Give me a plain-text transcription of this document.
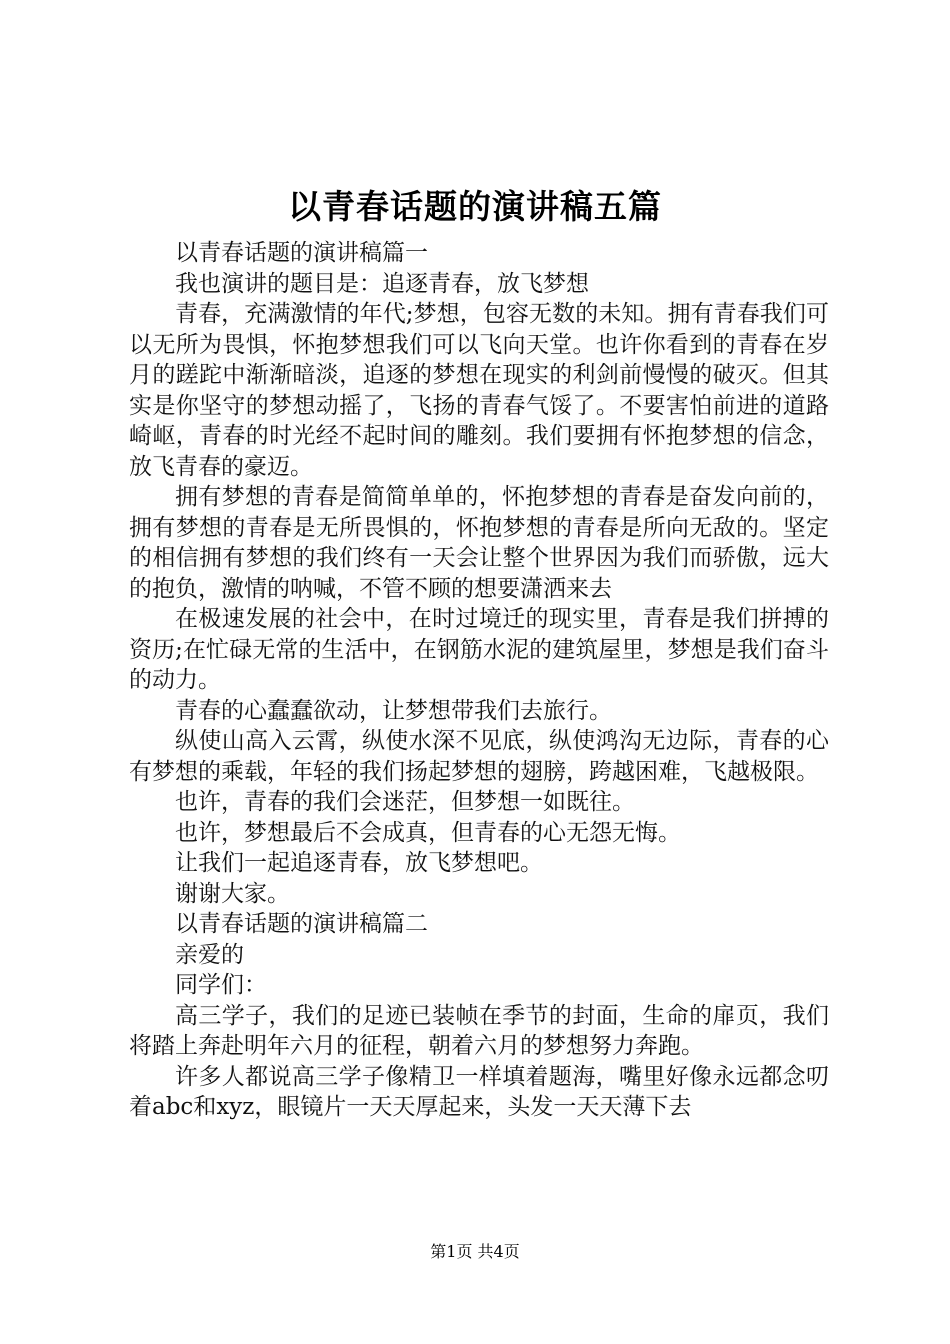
以青春话题的演讲稿五篇

以青春话题的演讲稿篇一

我也演讲的题目是：追逐青春，放飞梦想

青春，充满激情的年代;梦想，包容无数的未知。拥有青春我们可以无所为畏惧，怀抱梦想我们可以飞向天堂。也许你看到的青春在岁月的蹉跎中渐渐暗淡，追逐的梦想在现实的利剑前慢慢的破灭。但其实是你坚守的梦想动摇了，飞扬的青春气馁了。不要害怕前进的道路崎岖，青春的时光经不起时间的雕刻。我们要拥有怀抱梦想的信念，放飞青春的豪迈。

拥有梦想的青春是简简单单的，怀抱梦想的青春是奋发向前的，拥有梦想的青春是无所畏惧的，怀抱梦想的青春是所向无敌的。坚定的相信拥有梦想的我们终有一天会让整个世界因为我们而骄傲，远大的抱负，激情的呐喊，不管不顾的想要潇洒来去

在极速发展的社会中，在时过境迁的现实里，青春是我们拼搏的资历;在忙碌无常的生活中，在钢筋水泥的建筑屋里，梦想是我们奋斗的动力。

青春的心蠢蠢欲动，让梦想带我们去旅行。

纵使山高入云霄，纵使水深不见底，纵使鸿沟无边际，青春的心有梦想的乘载，年轻的我们扬起梦想的翅膀，跨越困难，飞越极限。

也许，青春的我们会迷茫，但梦想一如既往。

也许，梦想最后不会成真，但青春的心无怨无悔。

让我们一起追逐青春，放飞梦想吧。

谢谢大家。

以青春话题的演讲稿篇二

亲爱的

同学们：

高三学子，我们的足迹已装帧在季节的封面，生命的扉页，我们将踏上奔赴明年六月的征程，朝着六月的梦想努力奔跑。

许多人都说高三学子像精卫一样填着题海，嘴里好像永远都念叨着abc和xyz，眼镜片一天天厚起来，头发一天天薄下去

第1页 共4页
